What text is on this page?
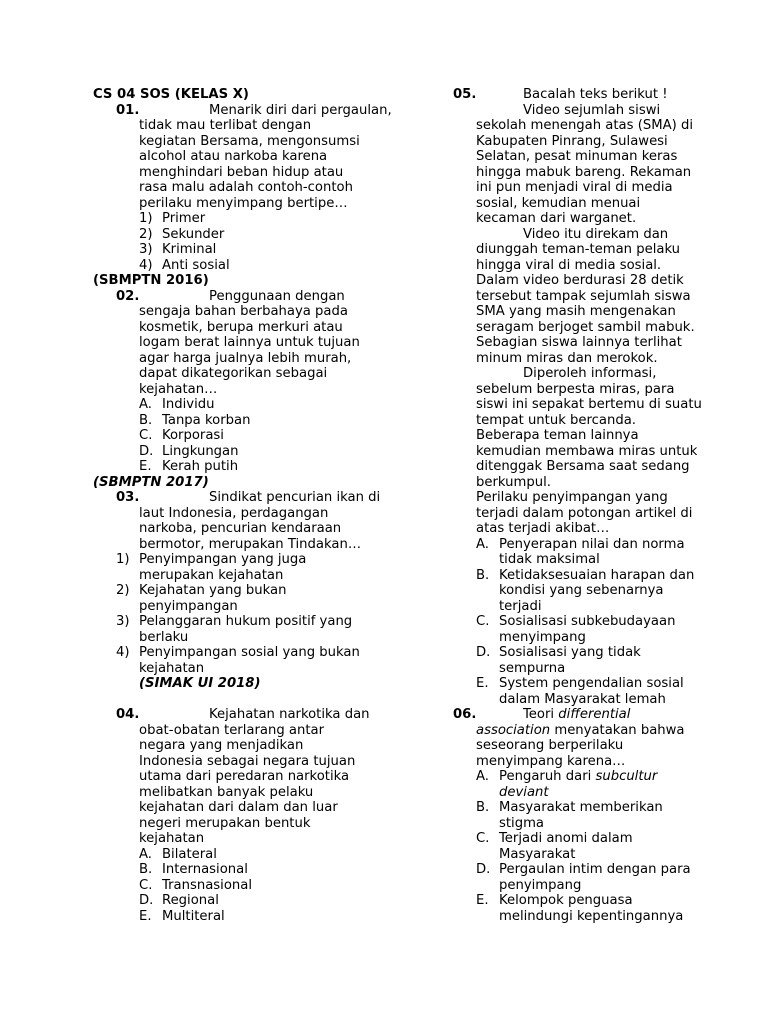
CS 04 SOS (KELAS X)
01.	Menarik diri dari pergaulan,
tidak mau terlibat dengan
kegiatan Bersama, mengonsumsi
alcohol atau narkoba karena
menghindari beban hidup atau
rasa malu adalah contoh-contoh
perilaku menyimpang bertipe…
1) Primer
2) Sekunder
3) Kriminal
4) Anti sosial
(SBMPTN 2016)
02.	Penggunaan dengan
sengaja bahan berbahaya pada
kosmetik, berupa merkuri atau
logam berat lainnya untuk tujuan
agar harga jualnya lebih murah,
dapat dikategorikan sebagai
kejahatan…
A. Individu
B. Tanpa korban
C. Korporasi
D. Lingkungan
E. Kerah putih
(SBMPTN 2017)
03.	Sindikat pencurian ikan di
laut Indonesia, perdagangan
narkoba, pencurian kendaraan
bermotor, merupakan Tindakan…
1) Penyimpangan yang juga
merupakan kejahatan
2) Kejahatan yang bukan
penyimpangan
3) Pelanggaran hukum positif yang
berlaku
4) Penyimpangan sosial yang bukan
kejahatan
(SIMAK UI 2018)
04.	Kejahatan narkotika dan
obat-obatan terlarang antar
negara yang menjadikan
Indonesia sebagai negara tujuan
utama dari peredaran narkotika
melibatkan banyak pelaku
kejahatan dari dalam dan luar
negeri merupakan bentuk
kejahatan
A. Bilateral
B. Internasional
C. Transnasional
D. Regional
E. Multiteral
05.	Bacalah teks berikut !
Video sejumlah siswi
sekolah menengah atas (SMA) di
Kabupaten Pinrang, Sulawesi
Selatan, pesat minuman keras
hingga mabuk bareng. Rekaman
ini pun menjadi viral di media
sosial, kemudian menuai
kecaman dari warganet.
Video itu direkam dan
diunggah teman-teman pelaku
hingga viral di media sosial.
Dalam video berdurasi 28 detik
tersebut tampak sejumlah siswa
SMA yang masih mengenakan
seragam berjoget sambil mabuk.
Sebagian siswa lainnya terlihat
minum miras dan merokok.
Diperoleh informasi,
sebelum berpesta miras, para
siswi ini sepakat bertemu di suatu
tempat untuk bercanda.
Beberapa teman lainnya
kemudian membawa miras untuk
ditenggak Bersama saat sedang
berkumpul.
Perilaku penyimpangan yang
terjadi dalam potongan artikel di
atas terjadi akibat…
A. Penyerapan nilai dan norma
tidak maksimal
B. Ketidaksesuaian harapan dan
kondisi yang sebenarnya
terjadi
C. Sosialisasi subkebudayaan
menyimpang
D. Sosialisasi yang tidak
sempurna
E. System pengendalian sosial
dalam Masyarakat lemah
06.	Teori differential
association menyatakan bahwa
seseorang berperilaku
menyimpang karena…
A. Pengaruh dari subcultur
deviant
B. Masyarakat memberikan
stigma
C. Terjadi anomi dalam
Masyarakat
D. Pergaulan intim dengan para
penyimpang
E. Kelompok penguasa
melindungi kepentingannya
